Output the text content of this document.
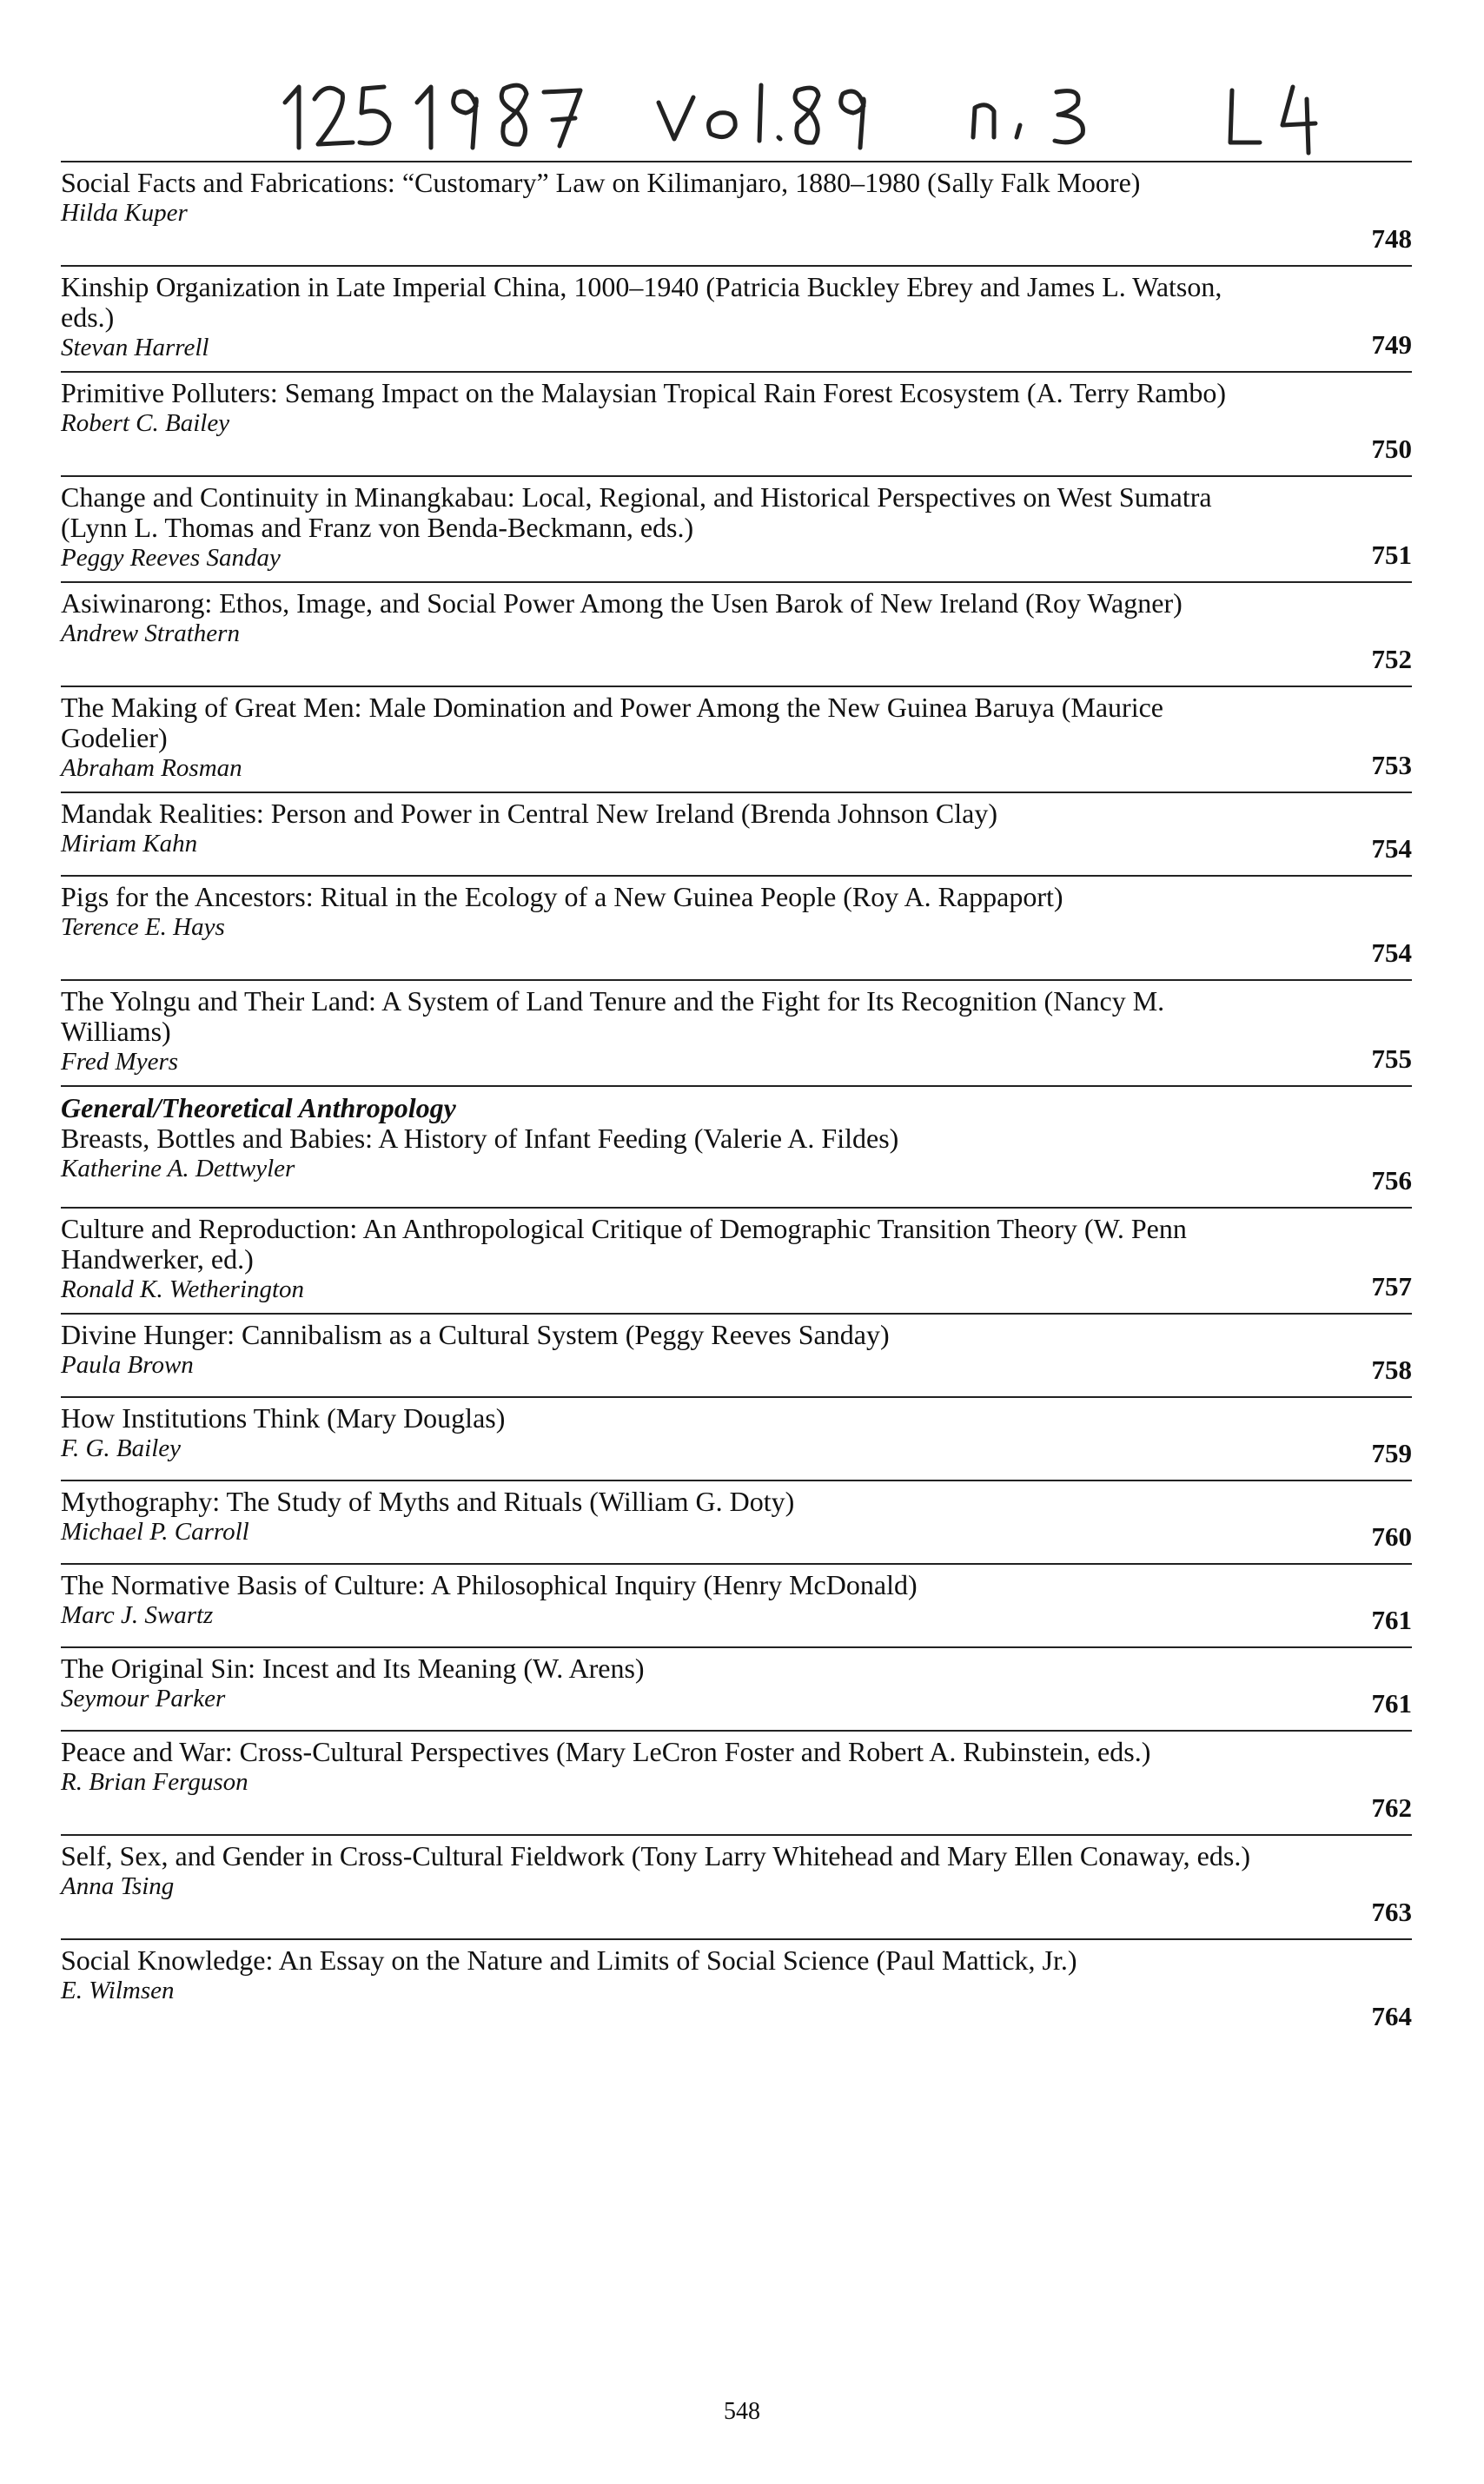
Social Facts and Fabrications: “Customary” Law on Kilimanjaro, 1880–1980 (Sally Falk Moore)
Hilda Kuper
748
Kinship Organization in Late Imperial China, 1000–1940 (Patricia Buckley Ebrey and James L. Watson, eds.)
Stevan Harrell	749
Primitive Polluters: Semang Impact on the Malaysian Tropical Rain Forest Ecosystem (A. Terry Rambo)
Robert C. Bailey
750
Change and Continuity in Minangkabau: Local, Regional, and Historical Perspectives on West Sumatra (Lynn L. Thomas and Franz von Benda-Beckmann, eds.)
Peggy Reeves Sanday	751
Asiwinarong: Ethos, Image, and Social Power Among the Usen Barok of New Ireland (Roy Wagner)
Andrew Strathern
752
The Making of Great Men: Male Domination and Power Among the New Guinea Baruya (Maurice Godelier)
Abraham Rosman	753
Mandak Realities: Person and Power in Central New Ireland (Brenda Johnson Clay)
Miriam Kahn	754
Pigs for the Ancestors: Ritual in the Ecology of a New Guinea People (Roy A. Rappaport)
Terence E. Hays
754
The Yolngu and Their Land: A System of Land Tenure and the Fight for Its Recognition (Nancy M. Williams)
Fred Myers	755
General/Theoretical Anthropology
Breasts, Bottles and Babies: A History of Infant Feeding (Valerie A. Fildes)
Katherine A. Dettwyler	756
Culture and Reproduction: An Anthropological Critique of Demographic Transition Theory (W. Penn Handwerker, ed.)
Ronald K. Wetherington	757
Divine Hunger: Cannibalism as a Cultural System (Peggy Reeves Sanday)
Paula Brown	758
How Institutions Think (Mary Douglas)
F. G. Bailey	759
Mythography: The Study of Myths and Rituals (William G. Doty)
Michael P. Carroll	760
The Normative Basis of Culture: A Philosophical Inquiry (Henry McDonald)
Marc J. Swartz	761
The Original Sin: Incest and Its Meaning (W. Arens)
Seymour Parker	761
Peace and War: Cross-Cultural Perspectives (Mary LeCron Foster and Robert A. Rubinstein, eds.)
R. Brian Ferguson
762
Self, Sex, and Gender in Cross-Cultural Fieldwork (Tony Larry Whitehead and Mary Ellen Conaway, eds.)
Anna Tsing
763
Social Knowledge: An Essay on the Nature and Limits of Social Science (Paul Mattick, Jr.)
E. Wilmsen
764
548
